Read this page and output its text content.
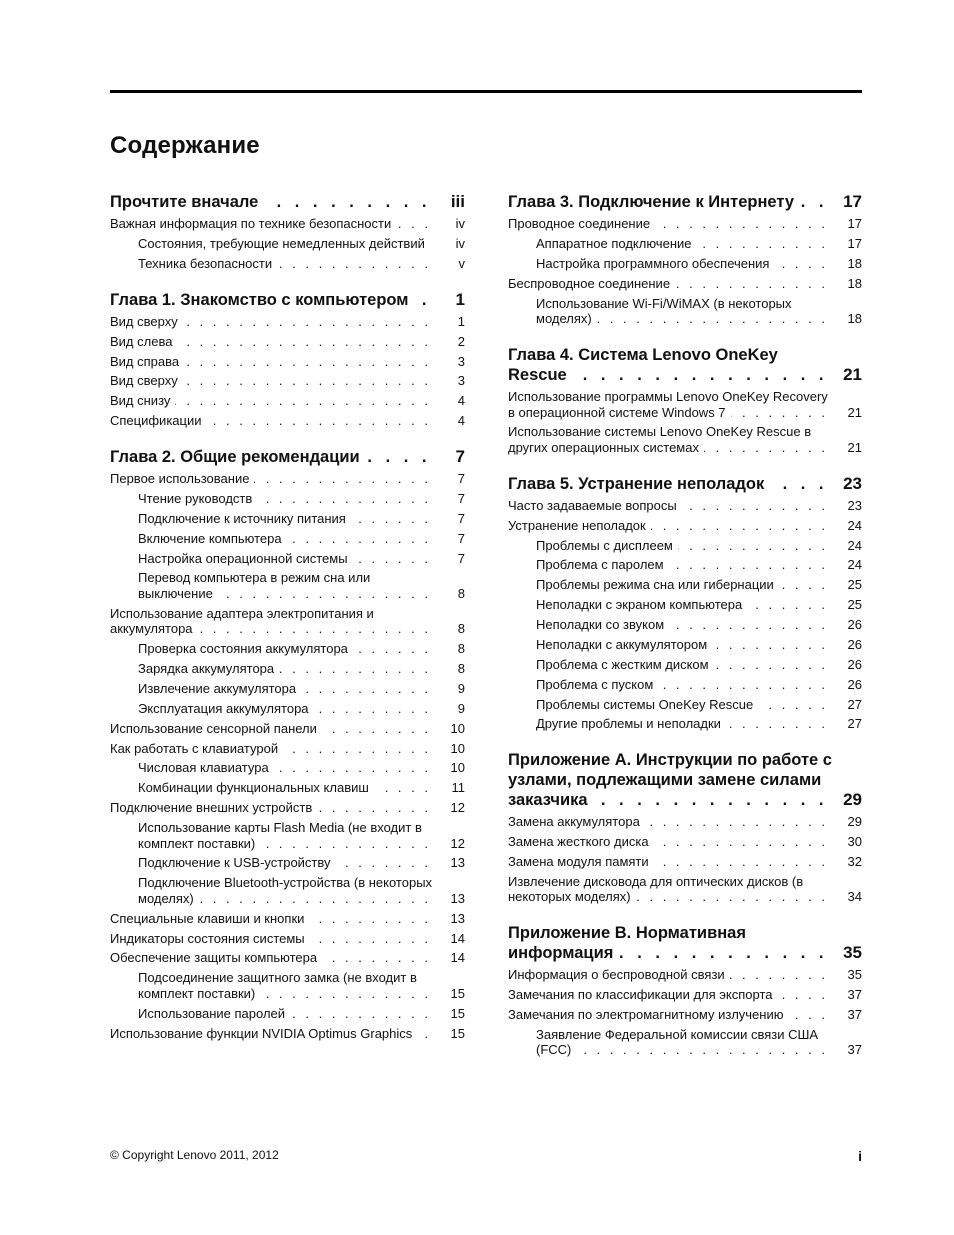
Содержание
Прочтите вначале . . .	iii
Важная информация по технике безопасности . . .	iv
Состояния, требующие немедленных действий . . .	iv
Техника безопасности . . .	v
Глава 1. Знакомство с компьютером . . .	1
Вид сверху . . .	1
Вид слева . . .	2
Вид справа . . .	3
Вид сверху . . .	3
Вид снизу . . .	4
Спецификации . . .	4
Глава 2. Общие рекомендации . . .	7
Первое использование . . .	7
Чтение руководств . . .	7
Подключение к источнику питания . . .	7
Включение компьютера . . .	7
Настройка операционной системы . . .	7
Перевод компьютера в режим сна или выключение . . .	8
Использование адаптера электропитания и аккумулятора . . .	8
Проверка состояния аккумулятора . . .	8
Зарядка аккумулятора . . .	8
Извлечение аккумулятора . . .	9
Эксплуатация аккумулятора . . .	9
Использование сенсорной панели . . .	10
Как работать с клавиатурой . . .	10
Числовая клавиатура . . .	10
Комбинации функциональных клавиш . . .	11
Подключение внешних устройств . . .	12
Использование карты Flash Media (не входит в комплект поставки) . . .	12
Подключение к USB-устройству . . .	13
Подключение Bluetooth-устройства (в некоторых моделях) . . .	13
Специальные клавиши и кнопки . . .	13
Индикаторы состояния системы . . .	14
Обеспечение защиты компьютера . . .	14
Подсоединение защитного замка (не входит в комплект поставки) . . .	15
Использование паролей . . .	15
Использование функции NVIDIA Optimus Graphics . . .	15
Глава 3. Подключение к Интернету . . .	17
Проводное соединение . . .	17
Аппаратное подключение . . .	17
Настройка программного обеспечения . . .	18
Беспроводное соединение . . .	18
Использование Wi-Fi/WiMAX (в некоторых моделях) . . .	18
Глава 4. Система Lenovo OneKey Rescue . . .	21
Использование программы Lenovo OneKey Recovery в операционной системе Windows 7 . . .	21
Использование системы Lenovo OneKey Rescue в других операционных системах . . .	21
Глава 5. Устранение неполадок . . .	23
Часто задаваемые вопросы . . .	23
Устранение неполадок . . .	24
Проблемы с дисплеем . . .	24
Проблема с паролем . . .	24
Проблемы режима сна или гибернации . . .	25
Неполадки с экраном компьютера . . .	25
Неполадки со звуком . . .	26
Неполадки с аккумулятором . . .	26
Проблема с жестким диском . . .	26
Проблема с пуском . . .	26
Проблемы системы OneKey Rescue . . .	27
Другие проблемы и неполадки . . .	27
Приложение A. Инструкции по работе с узлами, подлежащими замене силами заказчика . . .	29
Замена аккумулятора . . .	29
Замена жесткого диска . . .	30
Замена модуля памяти . . .	32
Извлечение дисковода для оптических дисков (в некоторых моделях) . . .	34
Приложение B. Нормативная информация . . .	35
Информация о беспроводной связи . . .	35
Замечания по классификации для экспорта . . .	37
Замечания по электромагнитному излучению . . .	37
Заявление Федеральной комиссии связи США (FCC) . . .	37
© Copyright Lenovo 2011, 2012	i
